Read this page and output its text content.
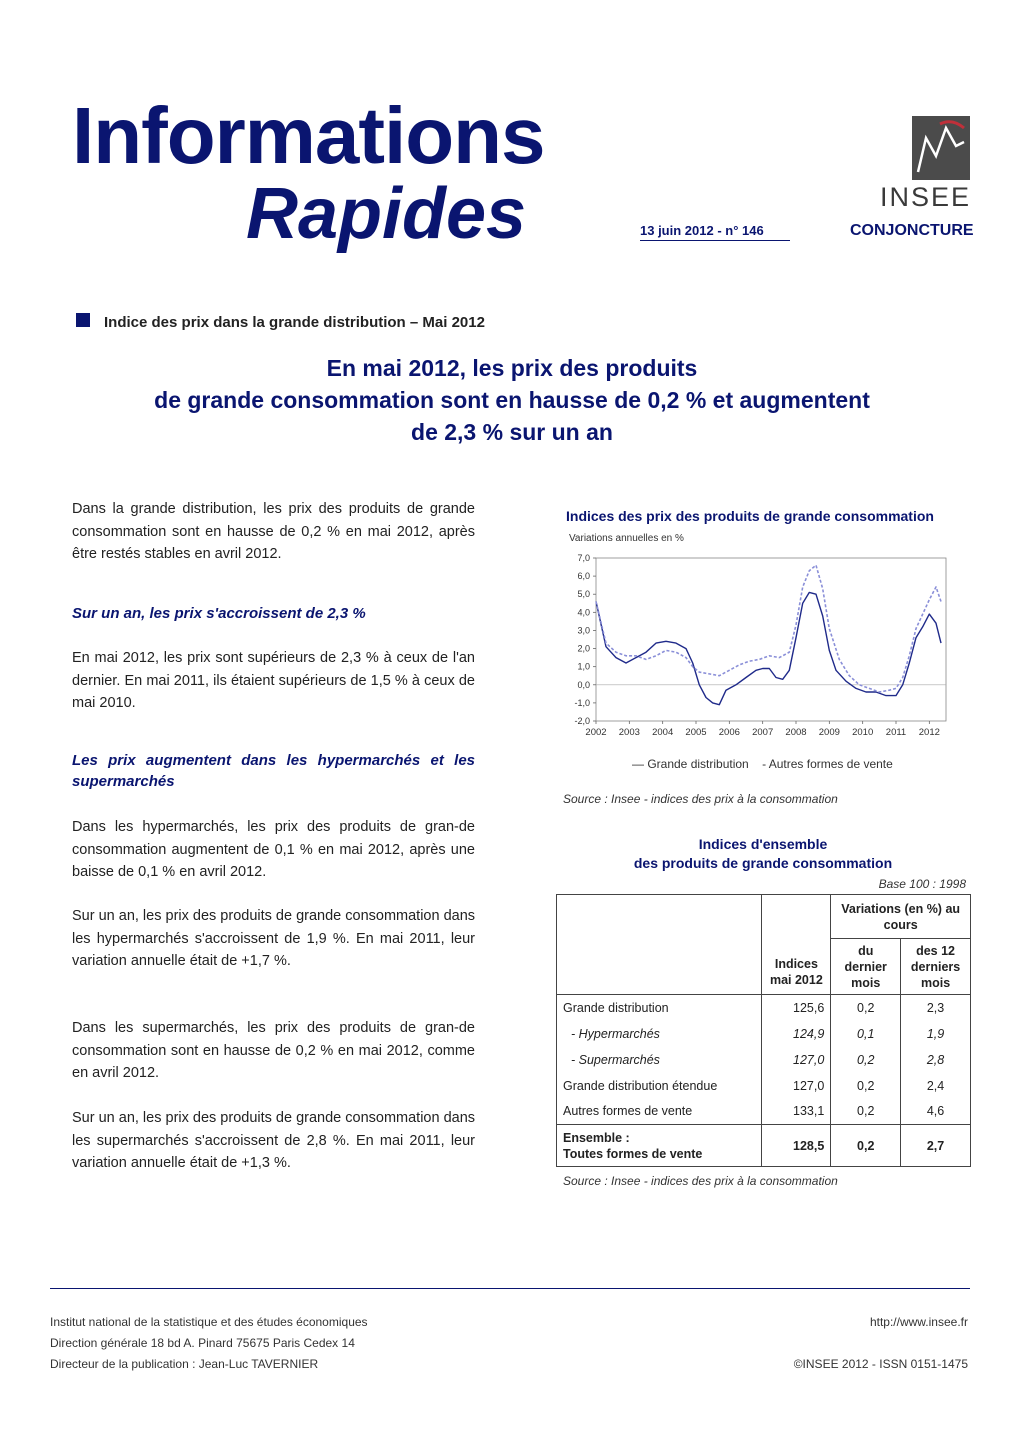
Informations
Rapides	13 juin 2012 - n° 146
INSEE
CONJONCTURE
Indice des prix dans la grande distribution – Mai 2012
En mai 2012, les prix des produits
de grande consommation sont en hausse de 0,2 % et augmentent
de 2,3 % sur un an
Dans la grande distribution, les prix des produits de grande consommation sont en hausse de 0,2 % en mai 2012, après être restés stables en avril 2012.
Sur un an, les prix s'accroissent de 2,3 %
En mai 2012, les prix sont supérieurs de 2,3 % à ceux de l'an dernier. En mai 2011, ils étaient supérieurs de 1,5 % à ceux de mai 2010.
Les prix augmentent dans les hypermarchés et les supermarchés
Dans les hypermarchés, les prix des produits de gran-de consommation augmentent de 0,1 % en mai 2012, après une baisse de 0,1 % en avril 2012.
Sur un an, les prix des produits de grande consommation dans les hypermarchés s'accroissent de 1,9 %. En mai 2011, leur variation annuelle était de +1,7 %.
Dans les supermarchés, les prix des produits de gran-de consommation sont en hausse de 0,2 % en mai 2012, comme en avril 2012.
Sur un an, les prix des produits de grande consommation dans les supermarchés s'accroissent de 2,8 %. En mai 2011, leur variation annuelle était de +1,3 %.
Indices des prix des produits de grande consommation
Variations annuelles en %
-2,0
-1,0
0,0
1,0
2,0
3,0
4,0
5,0
6,0
7,0
2002 2003 2004 2005 2006 2007 2008 2009 2010 2011 2012
— Grande distribution - Autres formes de vente
Source : Insee - indices des prix à la consommation
Indices d'ensemble
des produits de grande consommation
Base 100 : 1998
	Indices mai 2012	Variations (en %) au cours	
		du dernier mois	des 12 derniers mois
Grande distribution	125,6	0,2	2,3
- Hypermarchés	124,9	0,1	1,9
- Supermarchés	127,0	0,2	2,8
Grande distribution étendue	127,0	0,2	2,4
Autres formes de vente	133,1	0,2	4,6

Ensemble :
Toutes formes de vente	128,5	0,2	2,7
Source : Insee - indices des prix à la consommation
Institut national de la statistique et des études économiques
Direction générale 18 bd A. Pinard 75675 Paris Cedex 14
Directeur de la publication : Jean-Luc TAVERNIER
http://www.insee.fr

©INSEE 2012 - ISSN 0151-1475
